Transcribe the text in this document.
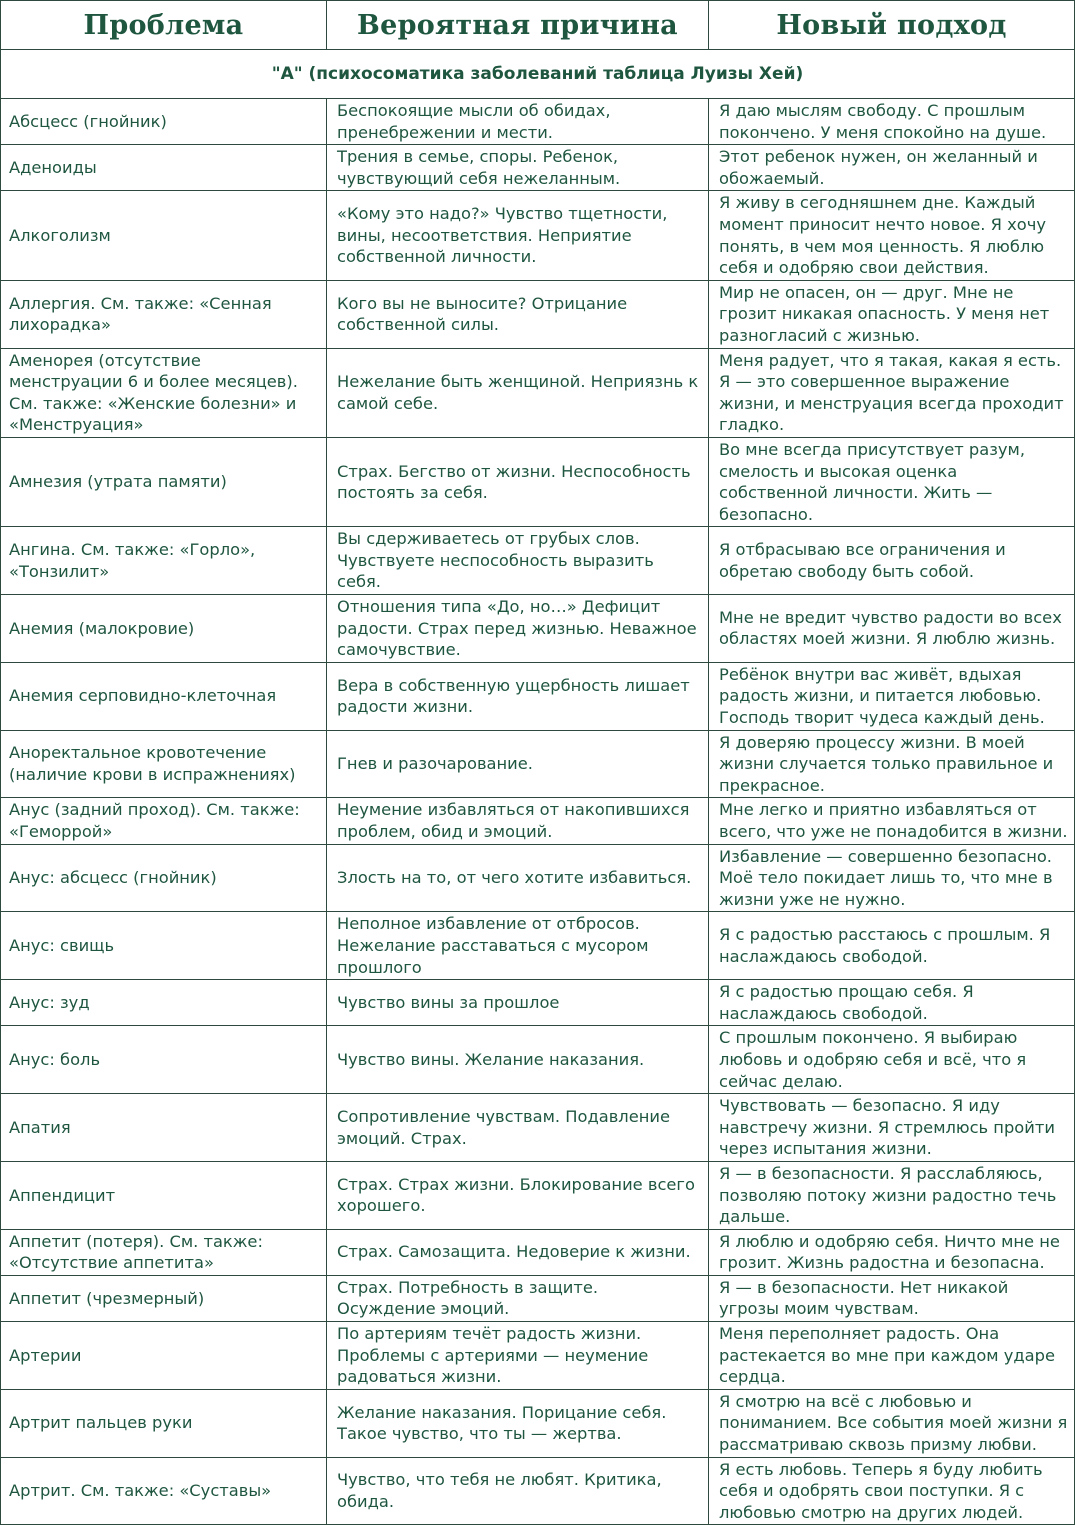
Проблема	Вероятная причина	Новый подход
"А" (психосоматика заболеваний таблица Луизы Хей)		
Абсцесс (гнойник)	Беспокоящие мысли об обидах, пренебрежении и мести.	Я даю мыслям свободу. С прошлым покончено. У меня спокойно на душе.
Аденоиды	Трения в семье, споры. Ребенок, чувствующий себя нежеланным.	Этот ребенок нужен, он желанный и обожаемый.
Алкоголизм	«Кому это надо?» Чувство тщетности, вины, несоответствия. Неприятие собственной личности.	Я живу в сегодняшнем дне. Каждый момент приносит нечто новое. Я хочу понять, в чем моя ценность. Я люблю себя и одобряю свои действия.
Аллергия. См. также: «Сенная лихорадка»	Кого вы не выносите? Отрицание собственной силы.	Мир не опасен, он — друг. Мне не грозит никакая опасность. У меня нет разногласий с жизнью.
Аменорея (отсутствие менструации 6 и более месяцев). См. также: «Женские болезни» и «Менструация»	Нежелание быть женщиной. Неприязнь к самой себе.	Меня радует, что я такая, какая я есть. Я — это совершенное выражение жизни, и менструация всегда проходит гладко.
Амнезия (утрата памяти)	Страх. Бегство от жизни. Неспособность постоять за себя.	Во мне всегда присутствует разум, смелость и высокая оценка собственной личности. Жить — безопасно.
Ангина. См. также: «Горло», «Тонзилит»	Вы сдерживаетесь от грубых слов. Чувствуете неспособность выразить себя.	Я отбрасываю все ограничения и обретаю свободу быть собой.
Анемия (малокровие)	Отношения типа «До, но…» Дефицит радости. Страх перед жизнью. Неважное самочувствие.	Мне не вредит чувство радости во всех областях моей жизни. Я люблю жизнь.
Анемия серповидно-клеточная	Вера в собственную ущербность лишает радости жизни.	Ребёнок внутри вас живёт, вдыхая радость жизни, и питается любовью. Господь творит чудеса каждый день.
Аноректальное кровотечение (наличие крови в испражнениях)	Гнев и разочарование.	Я доверяю процессу жизни. В моей жизни случается только правильное и прекрасное.
Анус (задний проход). См. также: «Геморрой»	Неумение избавляться от накопившихся проблем, обид и эмоций.	Мне легко и приятно избавляться от всего, что уже не понадобится в жизни.
Анус: абсцесс (гнойник)	Злость на то, от чего хотите избавиться.	Избавление — совершенно безопасно. Моё тело покидает лишь то, что мне в жизни уже не нужно.
Анус: свищь	Неполное избавление от отбросов. Нежелание расставаться с мусором прошлого	Я с радостью расстаюсь с прошлым. Я наслаждаюсь свободой.
Анус: зуд	Чувство вины за прошлое	Я с радостью прощаю себя. Я наслаждаюсь свободой.
Анус: боль	Чувство вины. Желание наказания.	С прошлым покончено. Я выбираю любовь и одобряю себя и всё, что я сейчас делаю.
Апатия	Сопротивление чувствам. Подавление эмоций. Страх.	Чувствовать — безопасно. Я иду навстречу жизни. Я стремлюсь пройти через испытания жизни.
Аппендицит	Страх. Страх жизни. Блокирование всего хорошего.	Я — в безопасности. Я расслабляюсь, позволяю потоку жизни радостно течь дальше.
Аппетит (потеря). См. также: «Отсутствие аппетита»	Страх. Самозащита. Недоверие к жизни.	Я люблю и одобряю себя. Ничто мне не грозит. Жизнь радостна и безопасна.
Аппетит (чрезмерный)	Страх. Потребность в защите. Осуждение эмоций.	Я — в безопасности. Нет никакой угрозы моим чувствам.
Артерии	По артериям течёт радость жизни. Проблемы с артериями — неумение радоваться жизни.	Меня переполняет радость. Она растекается во мне при каждом ударе сердца.
Артрит пальцев руки	Желание наказания. Порицание себя. Такое чувство, что ты — жертва.	Я смотрю на всё с любовью и пониманием. Все события моей жизни я рассматриваю сквозь призму любви.
Артрит. См. также: «Суставы»	Чувство, что тебя не любят. Критика, обида.	Я есть любовь. Теперь я буду любить себя и одобрять свои поступки. Я с любовью смотрю на других людей.
